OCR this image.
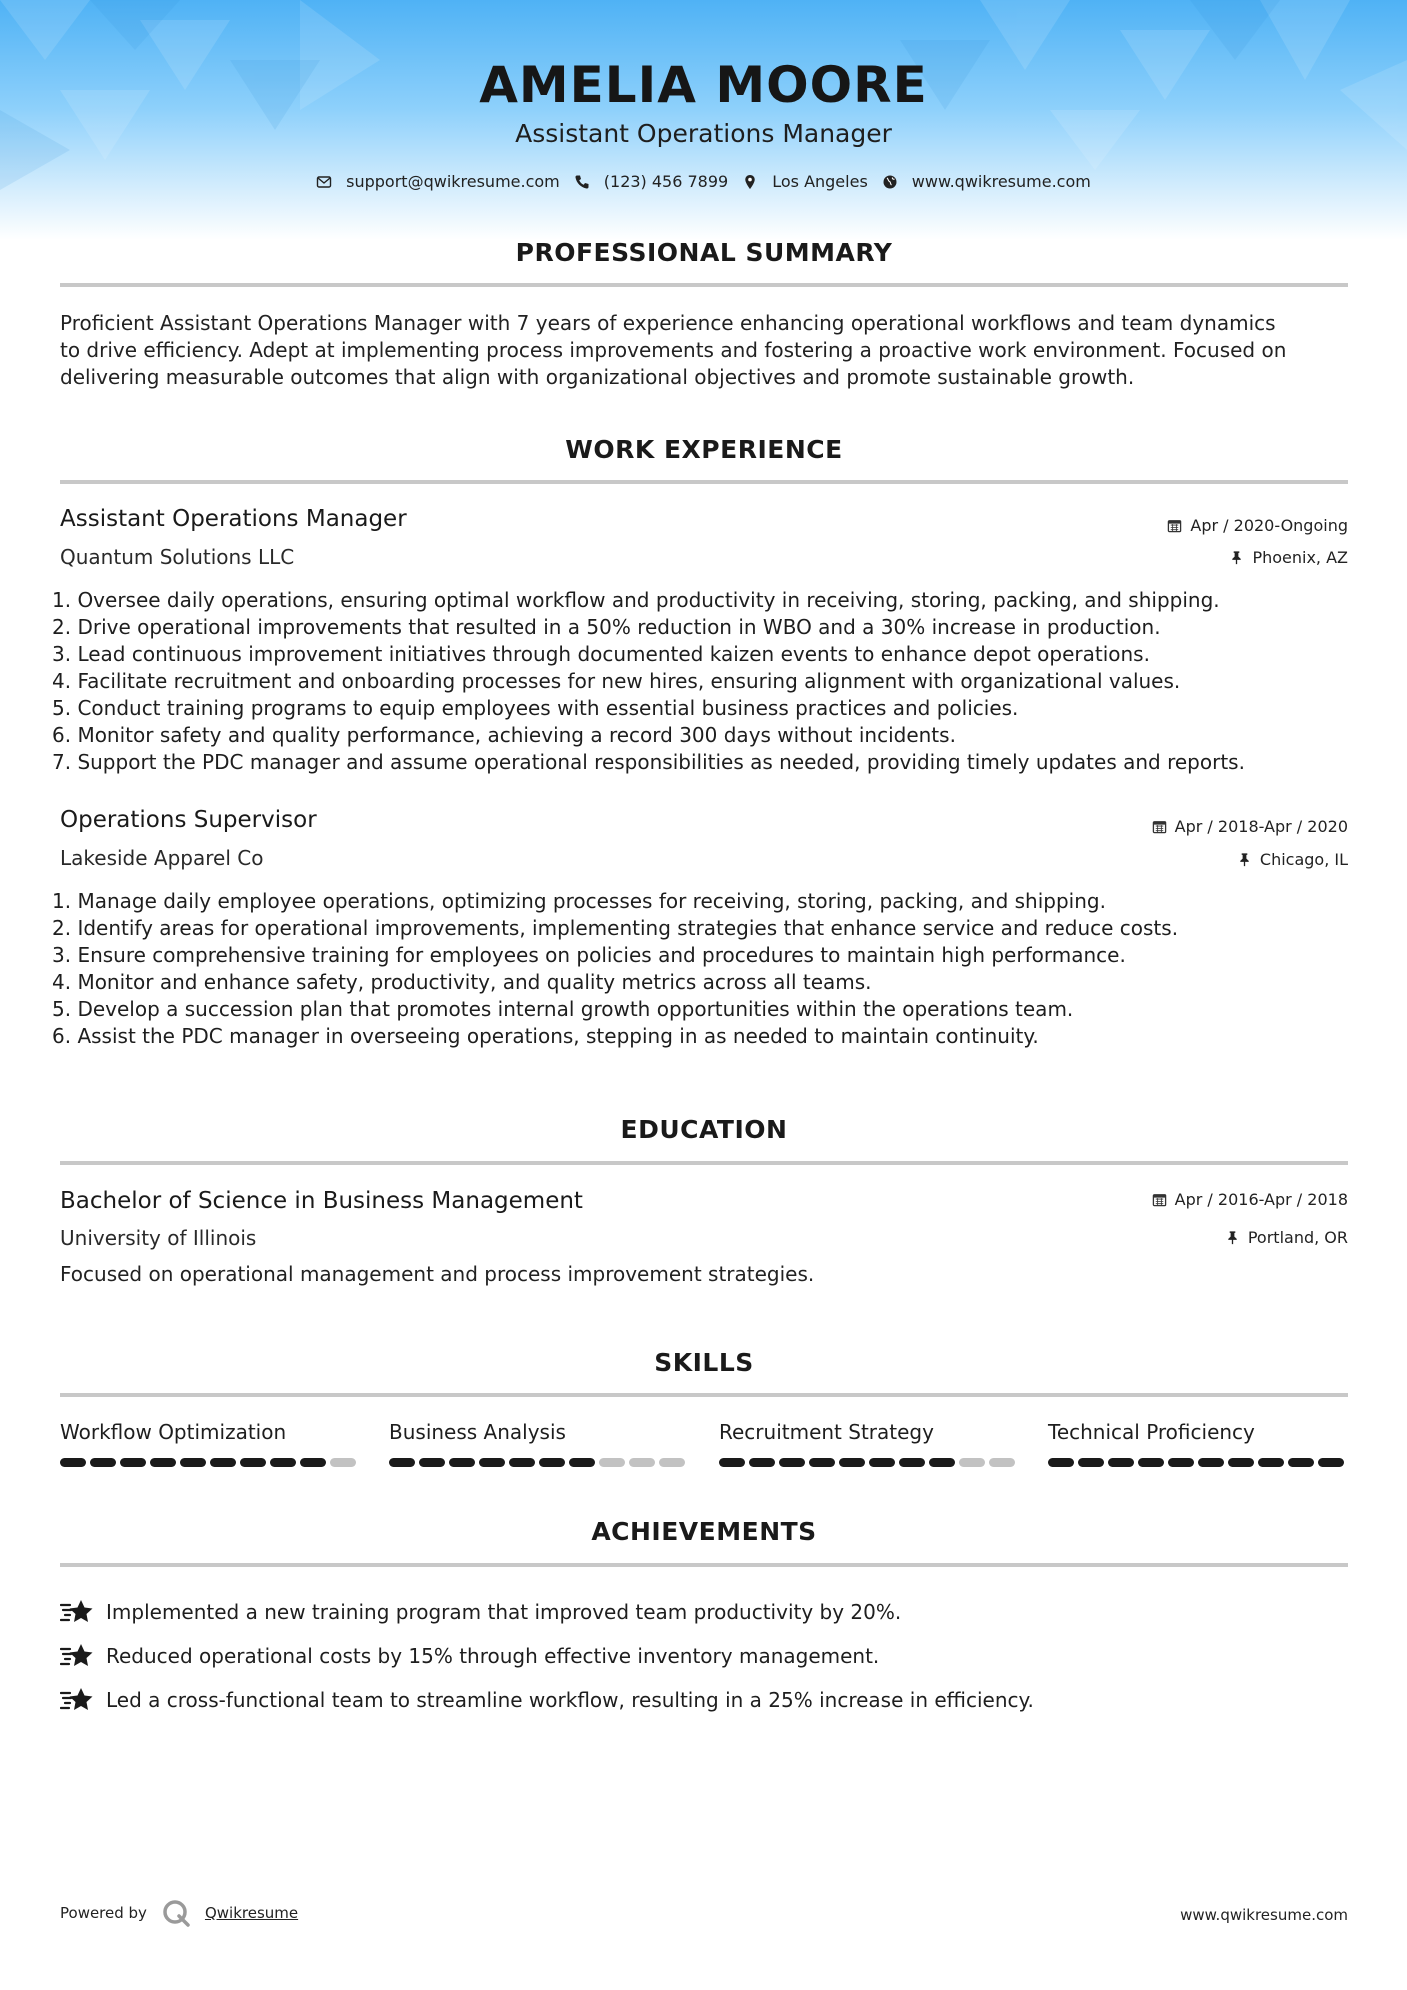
AMELIA MOORE
Assistant Operations Manager
support@qwikresume.com	(123) 456 7899	Los Angeles	www.qwikresume.com
PROFESSIONAL SUMMARY
Proficient Assistant Operations Manager with 7 years of experience enhancing operational workflows and team dynamics
to drive efficiency. Adept at implementing process improvements and fostering a proactive work environment. Focused on
delivering measurable outcomes that align with organizational objectives and promote sustainable growth.
WORK EXPERIENCE
Assistant Operations Manager	Apr / 2020-Ongoing
Quantum Solutions LLC	Phoenix, AZ
1. Oversee daily operations, ensuring optimal workflow and productivity in receiving, storing, packing, and shipping.
2. Drive operational improvements that resulted in a 50% reduction in WBO and a 30% increase in production.
3. Lead continuous improvement initiatives through documented kaizen events to enhance depot operations.
4. Facilitate recruitment and onboarding processes for new hires, ensuring alignment with organizational values.
5. Conduct training programs to equip employees with essential business practices and policies.
6. Monitor safety and quality performance, achieving a record 300 days without incidents.
7. Support the PDC manager and assume operational responsibilities as needed, providing timely updates and reports.
Operations Supervisor	Apr / 2018-Apr / 2020
Lakeside Apparel Co	Chicago, IL
1. Manage daily employee operations, optimizing processes for receiving, storing, packing, and shipping.
2. Identify areas for operational improvements, implementing strategies that enhance service and reduce costs.
3. Ensure comprehensive training for employees on policies and procedures to maintain high performance.
4. Monitor and enhance safety, productivity, and quality metrics across all teams.
5. Develop a succession plan that promotes internal growth opportunities within the operations team.
6. Assist the PDC manager in overseeing operations, stepping in as needed to maintain continuity.
EDUCATION
Bachelor of Science in Business Management	Apr / 2016-Apr / 2018
University of Illinois	Portland, OR

Focused on operational management and process improvement strategies.

SKILLS
Workflow Optimization	Business Analysis	Recruitment Strategy	Technical Proficiency
ACHIEVEMENTS
Implemented a new training program that improved team productivity by 20%.
Reduced operational costs by 15% through effective inventory management.
Led a cross-functional team to streamline workflow, resulting in a 25% increase in efficiency.
Powered by	Qwikresume	www.qwikresume.com
